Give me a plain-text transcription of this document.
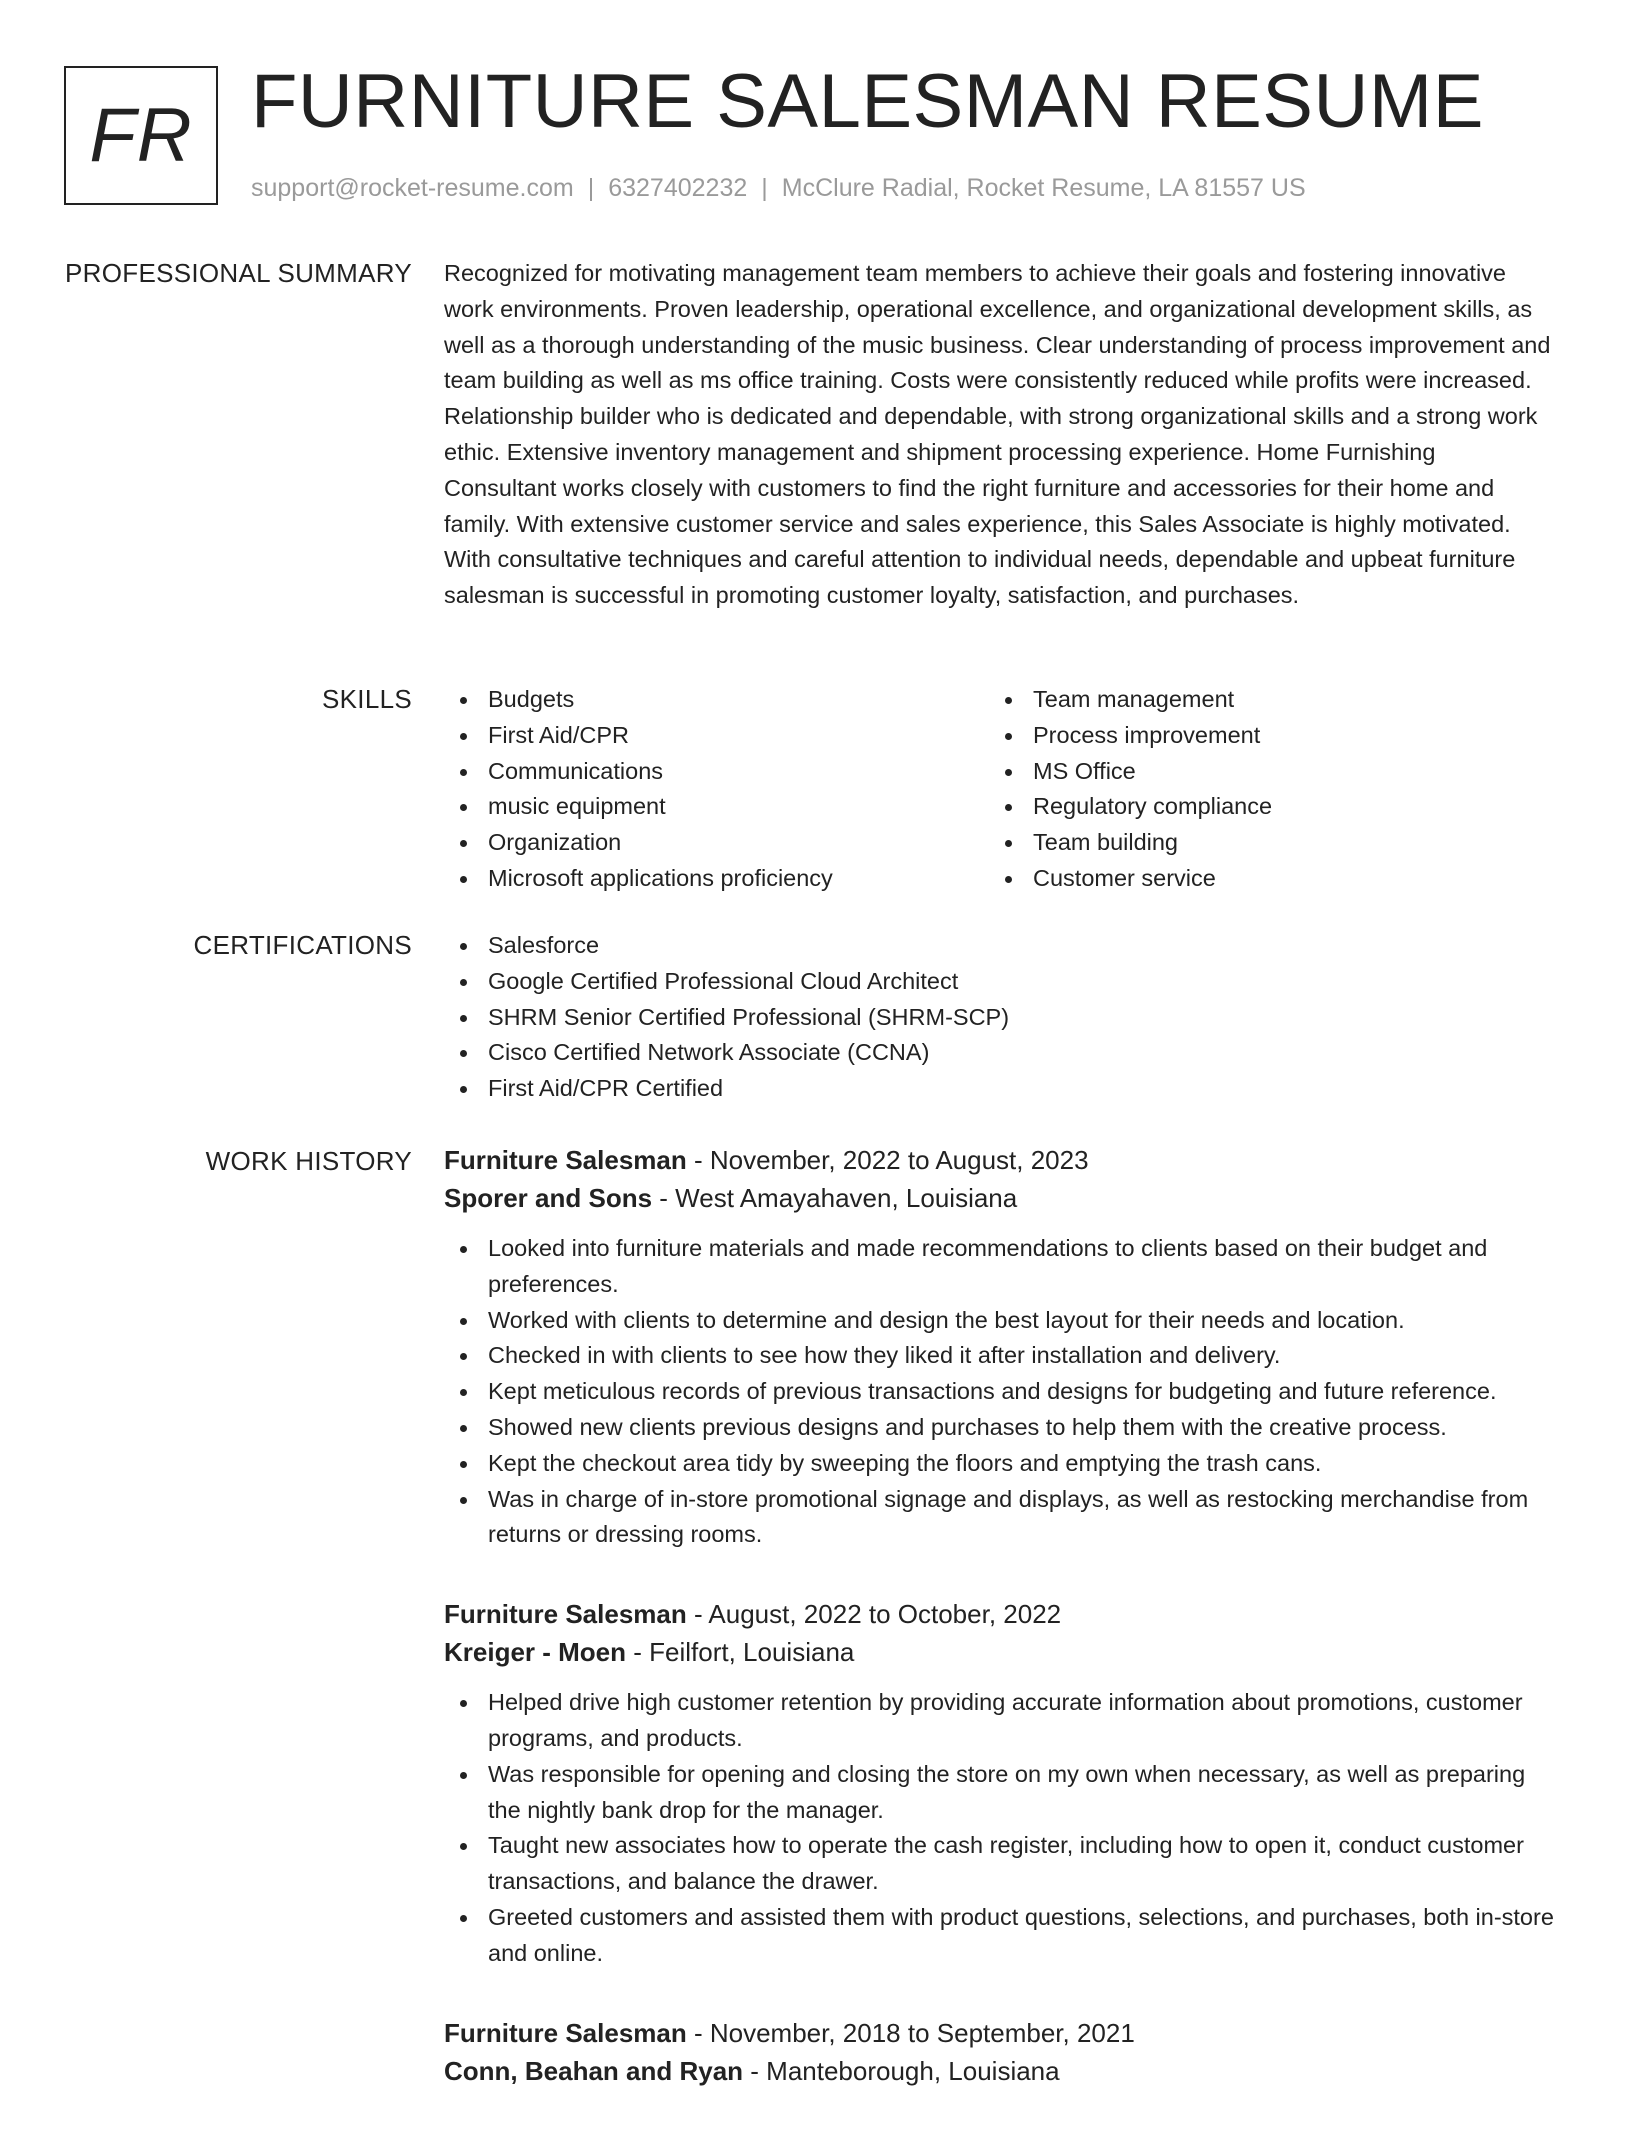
FR FURNITURE SALESMAN RESUME
support@rocket-resume.com | 6327402232 | McClure Radial, Rocket Resume, LA 81557 US
PROFESSIONAL SUMMARY Recognized for motivating management team members to achieve their goals and fostering innovative work environments. Proven leadership, operational excellence, and organizational development skills, as well as a thorough understanding of the music business. Clear understanding of process improvement and team building as well as ms office training. Costs were consistently reduced while profits were increased. Relationship builder who is dedicated and dependable, with strong organizational skills and a strong work ethic. Extensive inventory management and shipment processing experience. Home Furnishing Consultant works closely with customers to find the right furniture and accessories for their home and family. With extensive customer service and sales experience, this Sales Associate is highly motivated. With consultative techniques and careful attention to individual needs, dependable and upbeat furniture salesman is successful in promoting customer loyalty, satisfaction, and purchases.

SKILLS	Budgets
First Aid/CPR
Communications
music equipment
Organization
Microsoft applications proficiency
Team management
Process improvement
MS Office
Regulatory compliance
Team building
Customer service
CERTIFICATIONS	Salesforce
Google Certified Professional Cloud Architect
SHRM Senior Certified Professional (SHRM-SCP)
Cisco Certified Network Associate (CCNA)
First Aid/CPR Certified
WORK HISTORY Furniture Salesman - November, 2022 to August, 2023
Sporer and Sons - West Amayahaven, Louisiana
Looked into furniture materials and made recommendations to clients based on their budget and preferences.
Worked with clients to determine and design the best layout for their needs and location.
Checked in with clients to see how they liked it after installation and delivery.
Kept meticulous records of previous transactions and designs for budgeting and future reference.
Showed new clients previous designs and purchases to help them with the creative process.
Kept the checkout area tidy by sweeping the floors and emptying the trash cans.
Was in charge of in-store promotional signage and displays, as well as restocking merchandise from returns or dressing rooms.
Furniture Salesman - August, 2022 to October, 2022
Kreiger - Moen - Feilfort, Louisiana
Helped drive high customer retention by providing accurate information about promotions, customer programs, and products.
Was responsible for opening and closing the store on my own when necessary, as well as preparing the nightly bank drop for the manager.
Taught new associates how to operate the cash register, including how to open it, conduct customer transactions, and balance the drawer.
Greeted customers and assisted them with product questions, selections, and purchases, both in-store and online.
Furniture Salesman - November, 2018 to September, 2021
Conn, Beahan and Ryan - Manteborough, Louisiana
